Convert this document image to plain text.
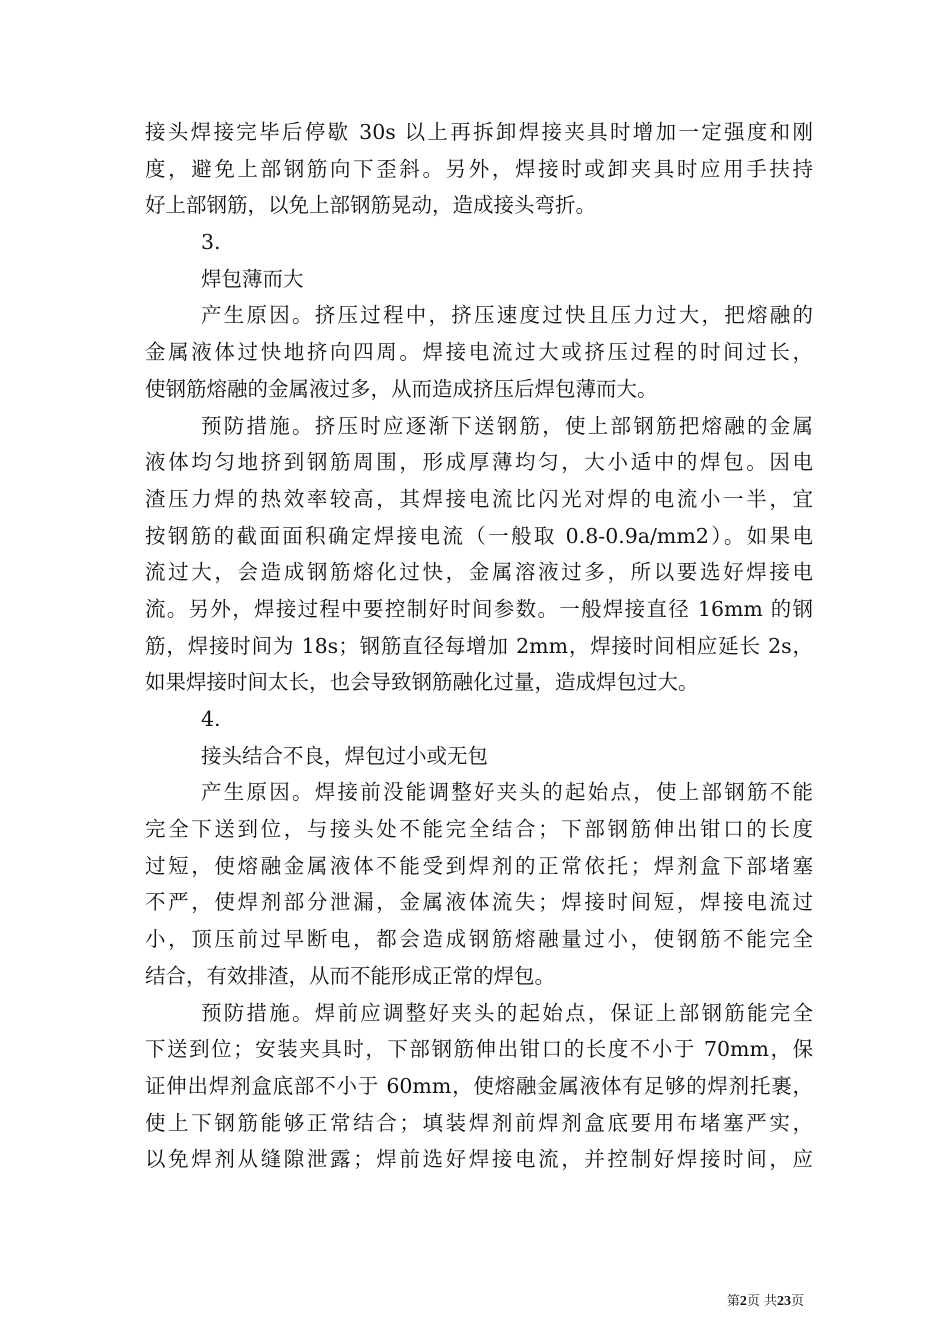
接头焊接完毕后停歇 30s 以上再拆卸焊接夹具时增加一定强度和刚
度，避免上部钢筋向下歪斜。另外，焊接时或卸夹具时应用手扶持
好上部钢筋，以免上部钢筋晃动，造成接头弯折。
3.
焊包薄而大
产生原因。挤压过程中，挤压速度过快且压力过大，把熔融的
金属液体过快地挤向四周。焊接电流过大或挤压过程的时间过长，
使钢筋熔融的金属液过多，从而造成挤压后焊包薄而大。
预防措施。挤压时应逐渐下送钢筋，使上部钢筋把熔融的金属
液体均匀地挤到钢筋周围，形成厚薄均匀，大小适中的焊包。因电
渣压力焊的热效率较高，其焊接电流比闪光对焊的电流小一半，宜
按钢筋的截面面积确定焊接电流（一般取 0.8-0.9a/mm2）。如果电
流过大，会造成钢筋熔化过快，金属溶液过多，所以要选好焊接电
流。另外，焊接过程中要控制好时间参数。一般焊接直径 16mm 的钢
筋，焊接时间为 18s；钢筋直径每增加 2mm，焊接时间相应延长 2s，
如果焊接时间太长，也会导致钢筋融化过量，造成焊包过大。
4.
接头结合不良，焊包过小或无包
产生原因。焊接前没能调整好夹头的起始点，使上部钢筋不能
完全下送到位，与接头处不能完全结合；下部钢筋伸出钳口的长度
过短，使熔融金属液体不能受到焊剂的正常依托；焊剂盒下部堵塞
不严，使焊剂部分泄漏，金属液体流失；焊接时间短，焊接电流过
小，顶压前过早断电，都会造成钢筋熔融量过小，使钢筋不能完全
结合，有效排渣，从而不能形成正常的焊包。
预防措施。焊前应调整好夹头的起始点，保证上部钢筋能完全
下送到位；安装夹具时，下部钢筋伸出钳口的长度不小于 70mm，保
证伸出焊剂盒底部不小于 60mm，使熔融金属液体有足够的焊剂托裹，
使上下钢筋能够正常结合；填装焊剂前焊剂盒底要用布堵塞严实，
以免焊剂从缝隙泄露；焊前选好焊接电流，并控制好焊接时间，应
第2页 共23页
